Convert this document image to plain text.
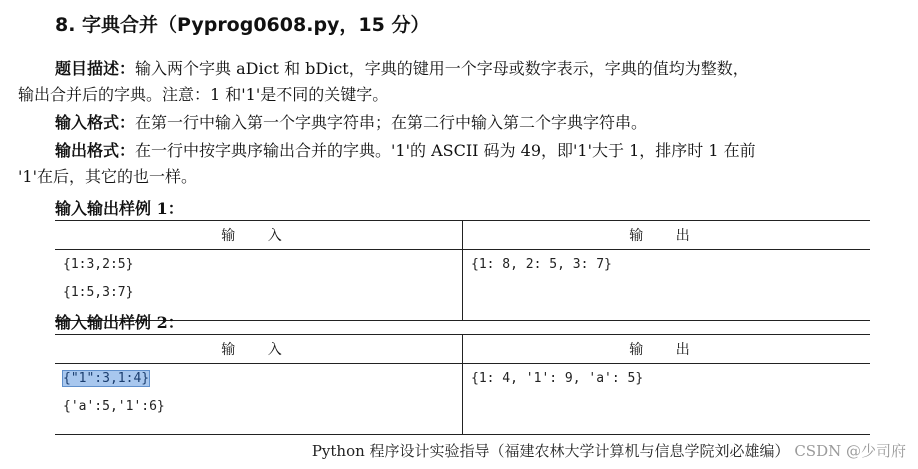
8. 字典合并（Pyprog0608.py，15 分）
题目描述：输入两个字典 aDict 和 bDict，字典的键用一个字母或数字表示，字典的值均为整数，
输出合并后的字典。注意：1 和'1'是不同的关键字。
输入格式：在第一行中输入第一个字典字符串；在第二行中输入第二个字典字符串。
输出格式：在一行中按字典序输出合并的字典。'1'的 ASCII 码为 49，即'1'大于 1，排序时 1 在前
'1'在后，其它的也一样。
输入输出样例 1：
输 入	输 出

{1:3,2:5}
{1:5,3:7}	{1: 8, 2: 5, 3: 7}
输入输出样例 2：
输 入	输 出

{"1":3,1:4}
{'a':5,'1':6}	{1: 4, '1': 9, 'a': 5}
Python 程序设计实验指导（福建农林大学计算机与信息学院刘必雄编） CSDN @少司府
